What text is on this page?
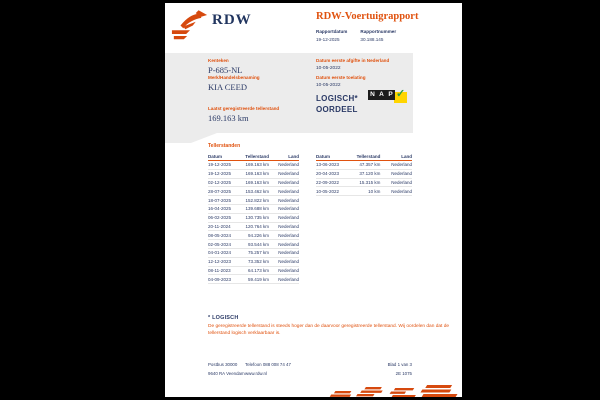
RDW	RDW-Voertuigrapport
Rapportdatum
19-12-2025
Rapportnummer
30.188.145
Kenteken
P-685-NL
Merk/Handelsbenaming
KIA CEED
Laatst geregistreerde tellerstand
169.163 km
Datum eerste afgifte in Nederland
10-05-2022
Datum eerste toelating
10-05-2022
LOGISCH*
OORDEEL
N A P ✓
Tellerstanden
Datum	Tellerstand	Land
19-12-2025	169.163 km	Nederland
19-12-2025	169.163 km	Nederland
02-12-2025	169.163 km	Nederland
28-07-2025	153.462 km	Nederland
18-07-2025	152.822 km	Nederland
16-04-2025	139.688 km	Nederland
06-02-2025	130.735 km	Nederland
20-11-2024	120.764 km	Nederland
08-05-2024	94.226 km	Nederland
02-05-2024	93.544 km	Nederland
04-01-2024	75.257 km	Nederland
12-12-2023	73.352 km	Nederland
08-11-2023	64.173 km	Nederland
04-09-2023	59.419 km	Nederland
Datum	Tellerstand	Land
13-06-2023	47.357 km	Nederland
20-04-2023	37.120 km	Nederland
22-09-2022	15.315 km	Nederland
10-05-2022	10 km	Nederland
* LOGISCH
De geregistreerde tellerstand is steeds hoger dan de daarvoor geregistreerde tellerstand. Wij oordelen dan dat de tellerstand logisch verklaarbaar is.
Postbus 30000
9640 RA Veendam
Telefoon 088 008 74 47
www.rdw.nl
Blad 1 van 3
2E 1075
